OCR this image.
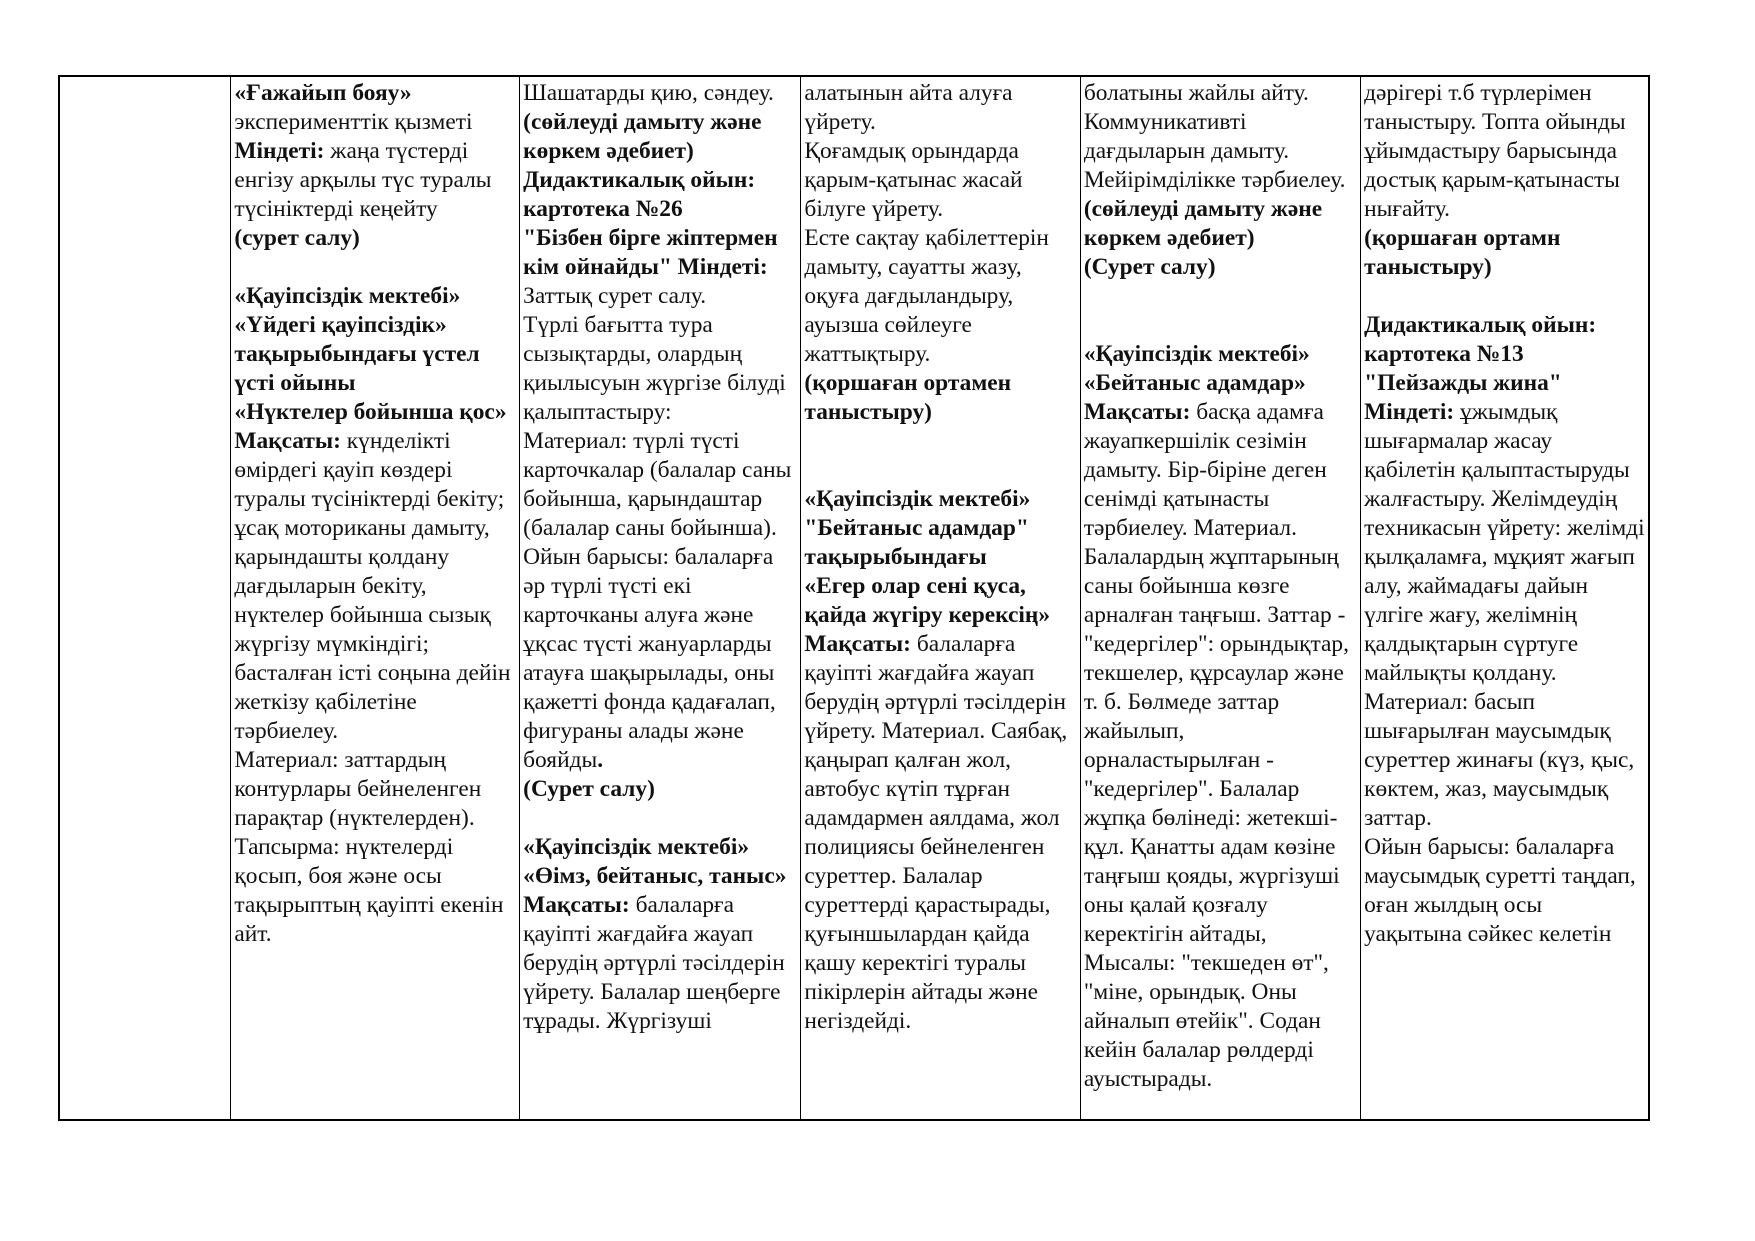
«Ғажайып бояу»
эксперименттік қызметі
Міндеті: жаңа түстерді енгізу арқылы түс туралы түсініктерді кеңейту
(сурет салу)
«Қауіпсіздік мектебі»
«Үйдегі қауіпсіздік» тақырыбындағы үстел үсті ойыны
«Нүктелер бойынша қос»
Мақсаты: күнделікті өмірдегі қауіп көздері туралы түсініктерді бекіту; ұсақ моториканы дамыту, қарындашты қолдану дағдыларын бекіту, нүктелер бойынша сызық жүргізу мүмкіндігі; басталған істі соңына дейін жеткізу қабілетіне тәрбиелеу.
Материал: заттардың контурлары бейнеленген парақтар (нүктелерден).
Тапсырма: нүктелерді қосып, боя және осы тақырыптың қауіпті екенін айт.
Шашатарды қию, сәндеу.
(сөйлеуді дамыту және көркем әдебиет)
Дидактикалық ойын:
картотека №26
"Бізбен бірге жіптермен кім ойнайды" Міндеті:
Заттық сурет салу.
Түрлі бағытта тура сызықтарды, олардың қиылысуын жүргізе білуді қалыптастыру:
Материал: түрлі түсті карточкалар (балалар саны бойынша, қарындаштар (балалар саны бойынша).
Ойын барысы: балаларға әр түрлі түсті екі карточканы алуға және ұқсас түсті жануарларды атауға шақырылады, оны қажетті фонда қадағалап, фигураны алады және бояйды.
(Сурет салу)
«Қауіпсіздік мектебі»
«Өімз, бейтаныс, таныс»
Мақсаты: балаларға қауіпті жағдайға жауап берудің әртүрлі тәсілдерін үйрету. Балалар шеңберге тұрады. Жүргізуші
алатынын айта алуға үйрету.
Қоғамдық орындарда қарым-қатынас жасай білуге үйрету.
Есте сақтау қабілеттерін дамыту, сауатты жазу, оқуға дағдыландыру, ауызша сөйлеуге жаттықтыру.
(қоршаған ортамен таныстыру)
«Қауіпсіздік мектебі»
"Бейтаныс адамдар" тақырыбындағы
«Егер олар сені қуса, қайда жүгіру керексің»
Мақсаты: балаларға қауіпті жағдайға жауап берудің әртүрлі тәсілдерін үйрету. Материал. Саябақ, қаңырап қалған жол, автобус күтіп тұрған адамдармен аялдама, жол полициясы бейнеленген суреттер. Балалар суреттерді қарастырады, қуғыншылардан қайда қашу керектігі туралы пікірлерін айтады және негіздейді.
болатыны жайлы айту.
Коммуникативті дағдыларын дамыту.
Мейірімділікке тәрбиелеу.
(сөйлеуді дамыту және көркем әдебиет)
(Сурет салу)
«Қауіпсіздік мектебі»
«Бейтаныс адамдар»
Мақсаты: басқа адамға жауапкершілік сезімін дамыту. Бір-біріне деген сенімді қатынасты тәрбиелеу. Материал. Балалардың жұптарының саны бойынша көзге арналған таңғыш. Заттар - "кедергілер": орындықтар, текшелер, құрсаулар және т. б. Бөлмеде заттар жайылып, орналастырылған - "кедергілер". Балалар жұпқа бөлінеді: жетекші-құл. Қанатты адам көзіне таңғыш қояды, жүргізуші оны қалай қозғалу керектігін айтады,
Мысалы: "текшеден өт", "міне, орындық. Оны айналып өтейік". Содан кейін балалар рөлдерді ауыстырады.
дәрігері т.б түрлерімен таныстыру. Топта ойынды ұйымдастыру барысында достық қарым-қатынасты нығайту.
(қоршаған ортамн таныстыру)
Дидактикалық ойын:
картотека №13
"Пейзажды жина"
Міндеті: ұжымдық шығармалар жасау қабілетін қалыптастыруды жалғастыру. Желімдеудің техникасын үйрету: желімді қылқаламға, мұқият жағып алу, жаймадағы дайын үлгіге жағу, желімнің қалдықтарын сүртуге майлықты қолдану.
Материал: басып шығарылған маусымдық суреттер жинағы (күз, қыс, көктем, жаз, маусымдық заттар.
Ойын барысы: балаларға маусымдық суретті таңдап, оған жылдың осы уақытына сәйкес келетін
